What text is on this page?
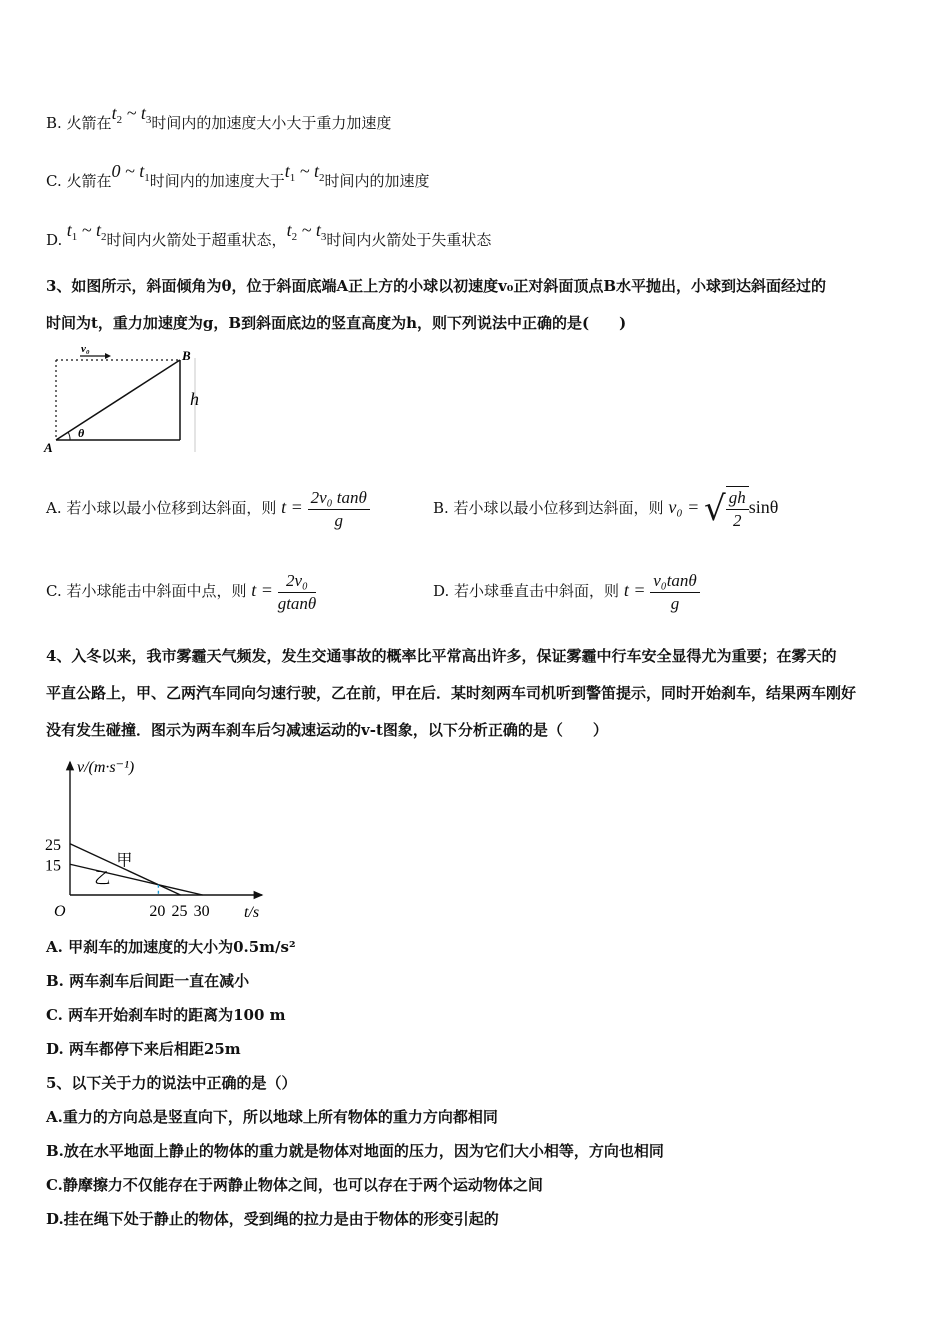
B. 火箭在$t_2$ ~ $t_3$时间内的加速度大小大于重力加速度
C. 火箭在0 ~ $t_1$时间内的加速度大于$t_1$ ~ $t_2$时间内的加速度
D. $t_1$ ~ $t_2$时间内火箭处于超重状态，$t_2$ ~ $t_3$时间内火箭处于失重状态
3、如图所示，斜面倾角为θ，位于斜面底端A正上方的小球以初速度v₀正对斜面顶点B水平抛出，小球到达斜面经过的
时间为t，重力加速度为g，B到斜面底边的竖直高度为h，则下列说法中正确的是(　　)
v₀	B
h
A
θ
A. 若小球以最小位移到达斜面，则 $t = \frac{\text{2v₀ tanθ}}{g}$	B. 若小球以最小位移到达斜面，则 v₀ = √ $\frac{gh}{2}$ sinθ
C. 若小球能击中斜面中点，则 $t = \frac{\text{2v₀}}{gtan\theta}$	D. 若小球垂直击中斜面，则 $t = \frac{\text{v₀tanθ}}{g}$
4、入冬以来，我市雾霾天气频发，发生交通事故的概率比平常高出许多，保证雾霾中行车安全显得尤为重要；在雾天的
平直公路上，甲、乙两汽车同向匀速行驶，乙在前，甲在后．某时刻两车司机听到警笛提示，同时开始刹车，结果两车刚好
没有发生碰撞．图示为两车刹车后匀减速运动的v-t图象，以下分析正确的是（　　）
v/(m·s⁻¹)
t/s
O
甲
乙
20 25 30
15
25
A. 甲刹车的加速度的大小为0.5m/s²
B. 两车刹车后间距一直在减小
C. 两车开始刹车时的距离为100 m
D. 两车都停下来后相距25m
5、以下关于力的说法中正确的是（）
A.重力的方向总是竖直向下，所以地球上所有物体的重力方向都相同
B.放在水平地面上静止的物体的重力就是物体对地面的压力，因为它们大小相等，方向也相同
C.静摩擦力不仅能存在于两静止物体之间，也可以存在于两个运动物体之间
D.挂在绳下处于静止的物体，受到绳的拉力是由于物体的形变引起的
